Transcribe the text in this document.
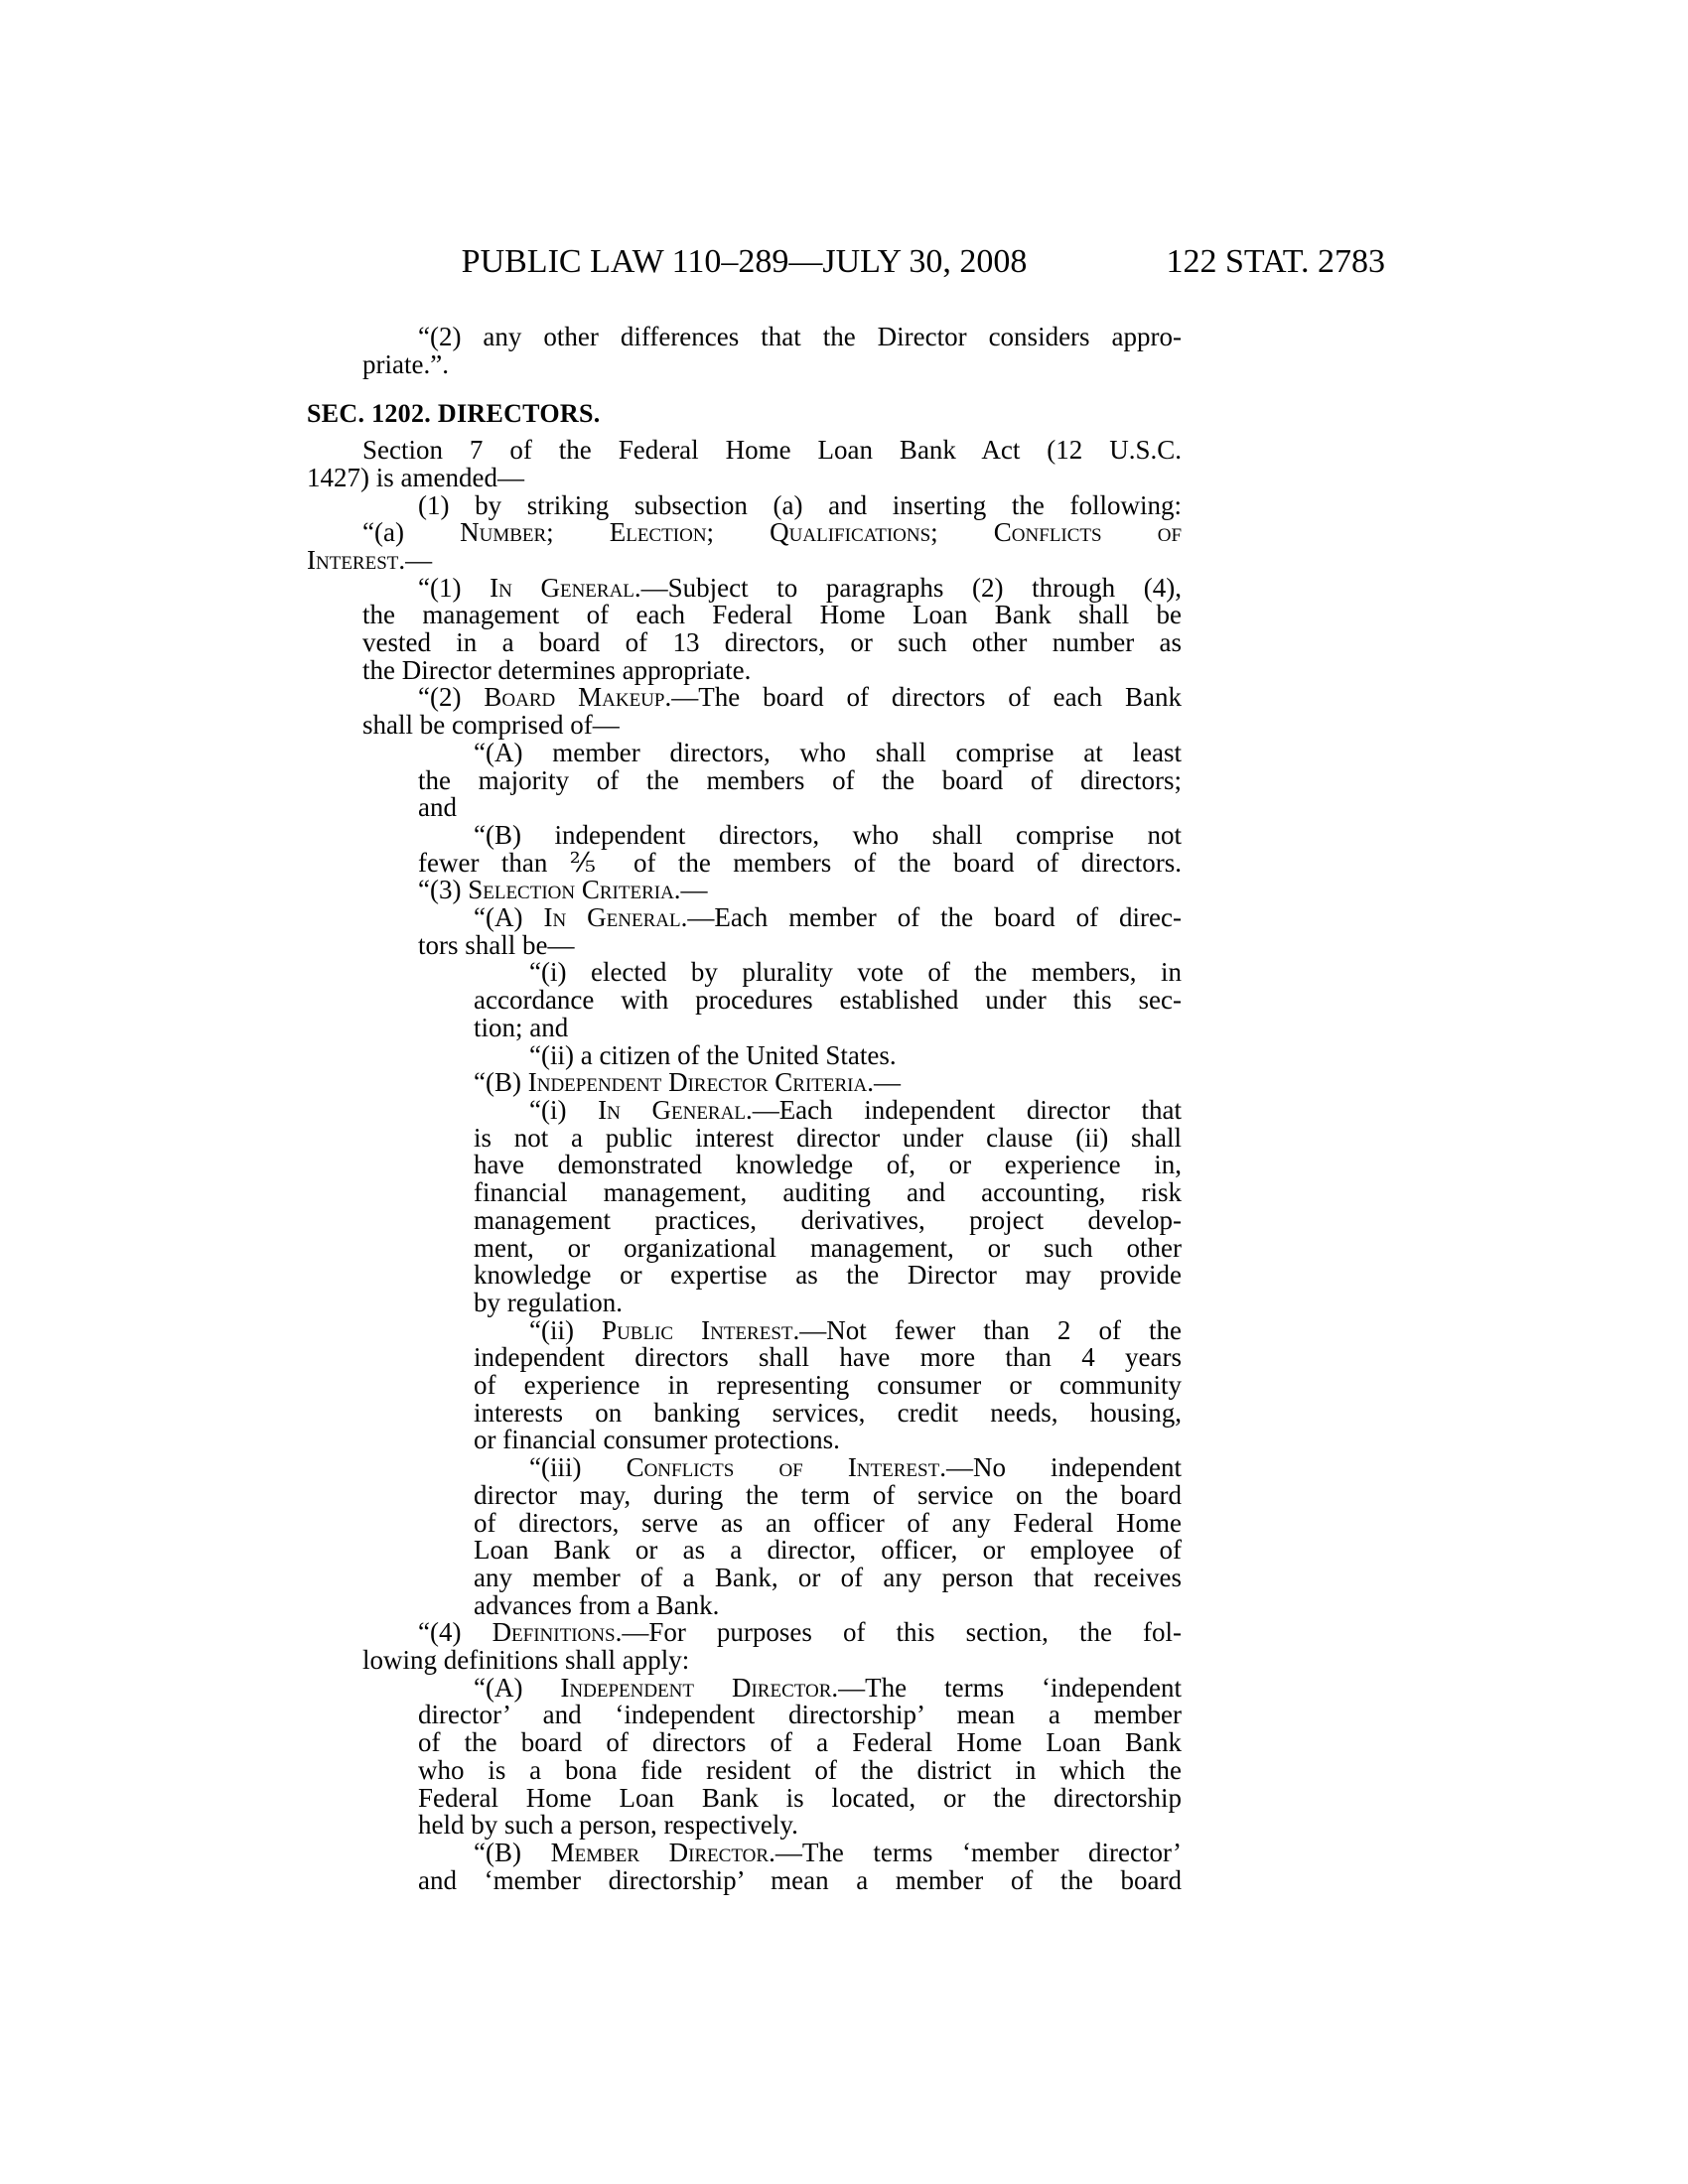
PUBLIC LAW 110–289—JULY 30, 2008	122 STAT. 2783
“(2) any other differences that the Director considers appro-
priate.”.
SEC. 1202. DIRECTORS.
Section 7 of the Federal Home Loan Bank Act (12 U.S.C.
1427) is amended—
(1) by striking subsection (a) and inserting the following:
“(a) Number; Election; Qualifications; Conflicts of
Interest.—
“(1) In General.—Subject to paragraphs (2) through (4),
the management of each Federal Home Loan Bank shall be
vested in a board of 13 directors, or such other number as
the Director determines appropriate.
“(2) Board Makeup.—The board of directors of each Bank
shall be comprised of—
“(A) member directors, who shall comprise at least
the majority of the members of the board of directors;
and
“(B) independent directors, who shall comprise not
fewer than ⅖ of the members of the board of directors.
“(3) Selection Criteria.—
“(A) In General.—Each member of the board of direc-
tors shall be—
“(i) elected by plurality vote of the members, in
accordance with procedures established under this sec-
tion; and
“(ii) a citizen of the United States.
“(B) Independent Director Criteria.—
“(i) In General.—Each independent director that
is not a public interest director under clause (ii) shall
have demonstrated knowledge of, or experience in,
financial management, auditing and accounting, risk
management practices, derivatives, project develop-
ment, or organizational management, or such other
knowledge or expertise as the Director may provide
by regulation.
“(ii) Public Interest.—Not fewer than 2 of the
independent directors shall have more than 4 years
of experience in representing consumer or community
interests on banking services, credit needs, housing,
or financial consumer protections.
“(iii) Conflicts of Interest.—No independent
director may, during the term of service on the board
of directors, serve as an officer of any Federal Home
Loan Bank or as a director, officer, or employee of
any member of a Bank, or of any person that receives
advances from a Bank.
“(4) Definitions.—For purposes of this section, the fol-
lowing definitions shall apply:
“(A) Independent Director.—The terms ‘independent
director’ and ‘independent directorship’ mean a member
of the board of directors of a Federal Home Loan Bank
who is a bona fide resident of the district in which the
Federal Home Loan Bank is located, or the directorship
held by such a person, respectively.
“(B) Member Director.—The terms ‘member director’
and ‘member directorship’ mean a member of the board
